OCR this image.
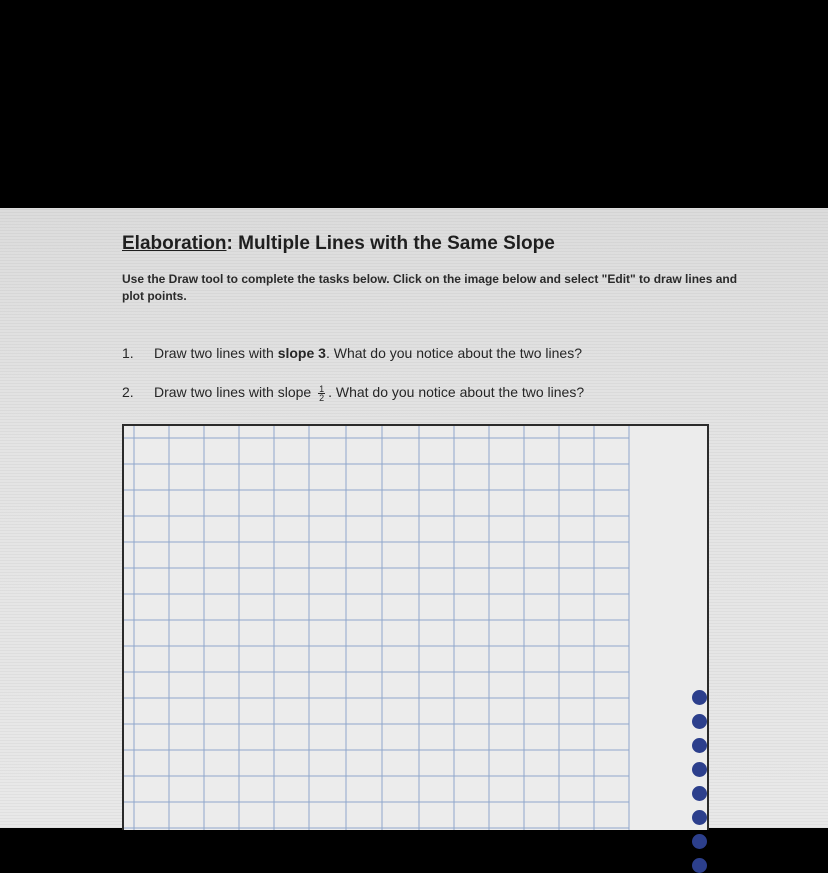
Elaboration: Multiple Lines with the Same Slope
Use the Draw tool to complete the tasks below. Click on the image below and select "Edit" to draw lines and plot points.
1. Draw two lines with slope 3. What do you notice about the two lines?
2. Draw two lines with slope $\frac{1}{2}$ . What do you notice about the two lines?
